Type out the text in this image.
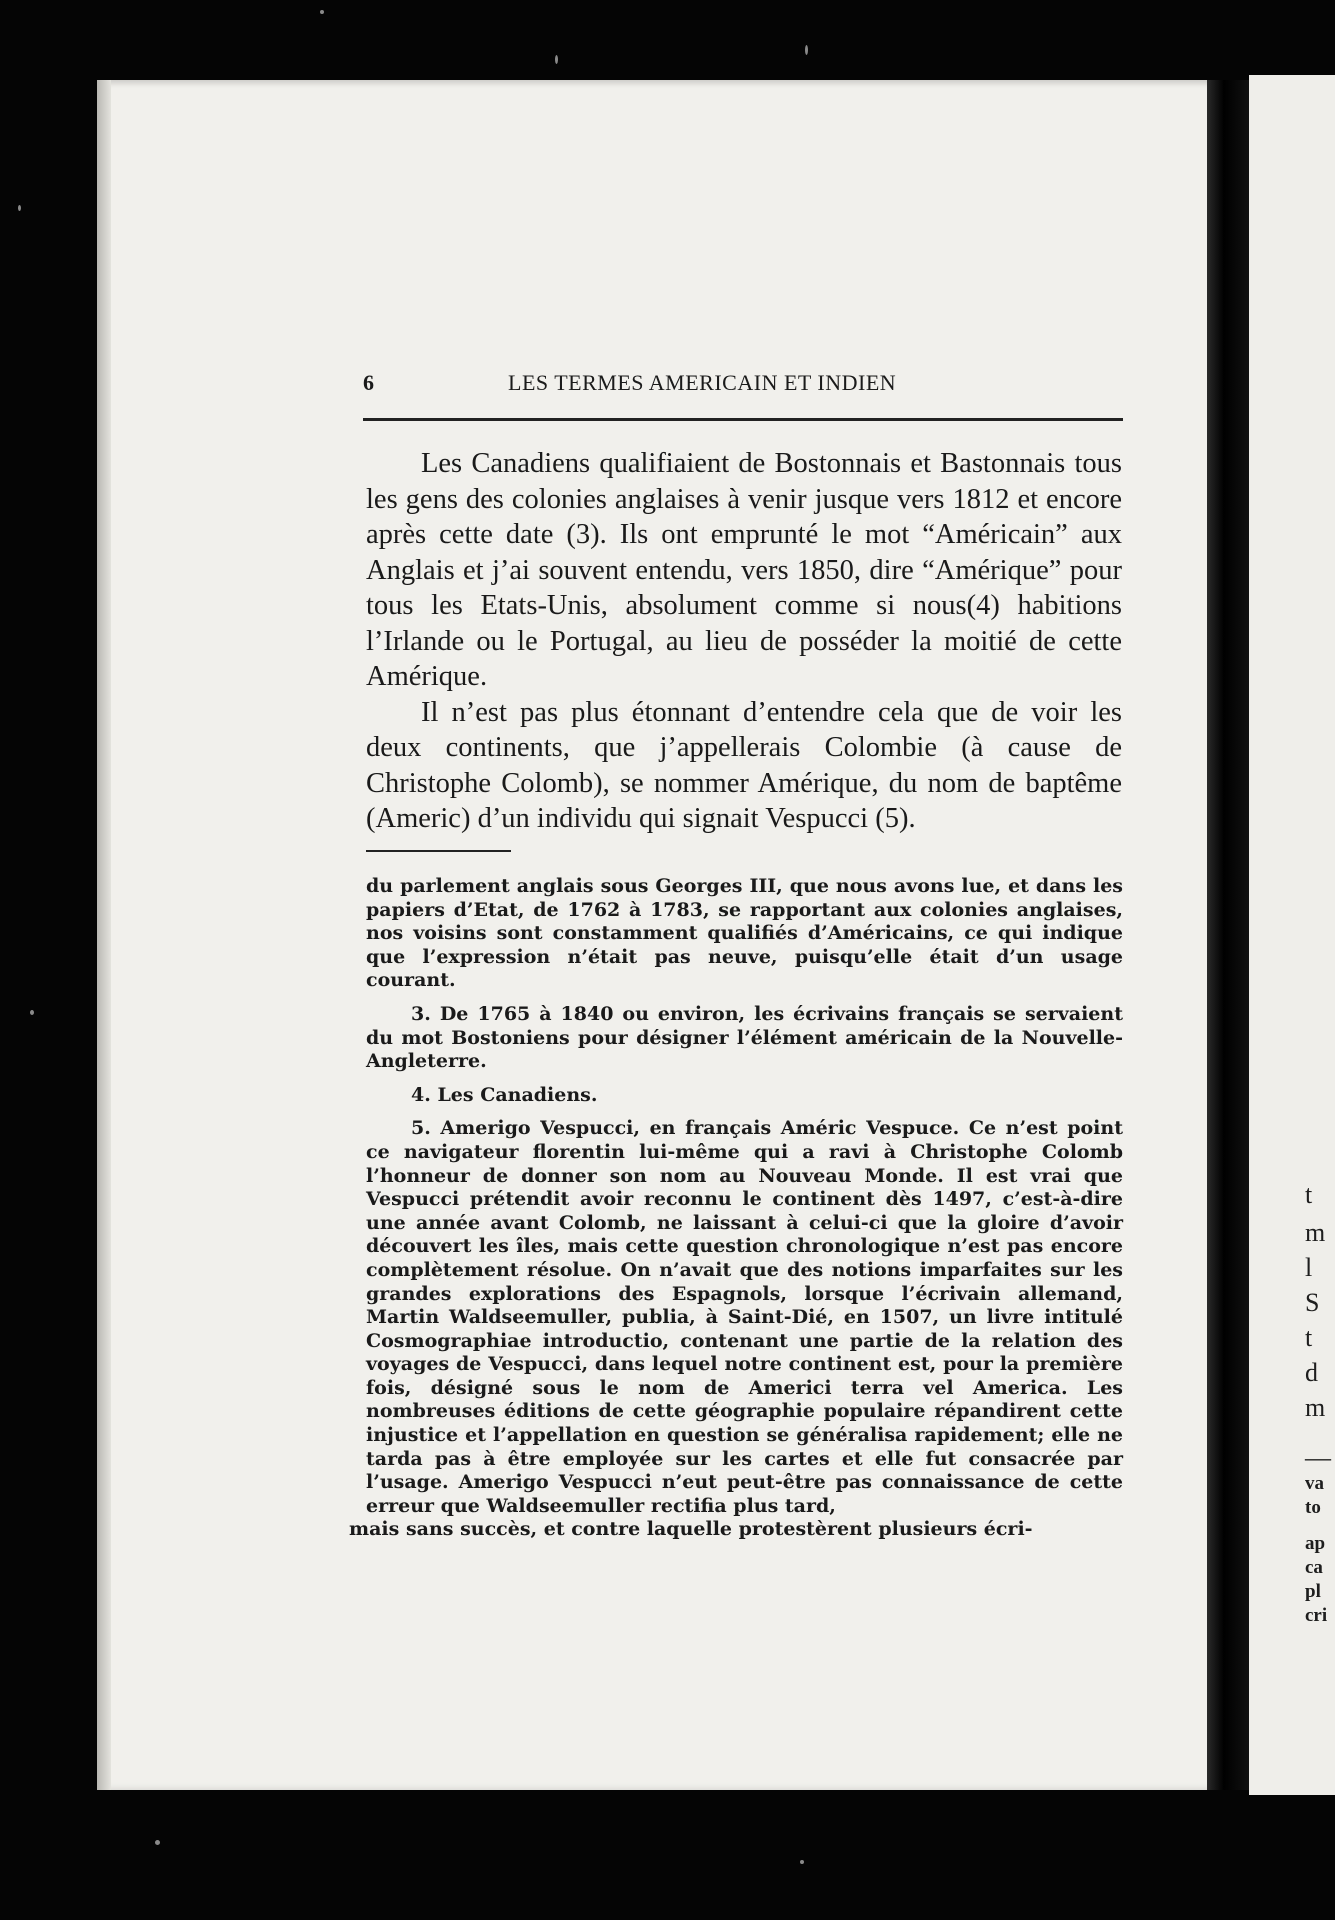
t
m
l
S
t
d
m
—
va
to
ap
ca
pl
cri
6	LES TERMES AMERICAIN ET INDIEN

Les Canadiens qualifiaient de Bostonnais et Bastonnais tous les gens des colonies anglaises à venir jusque vers 1812 et encore après cette date (3). Ils ont emprunté le mot “Américain” aux Anglais et j’ai souvent entendu, vers 1850, dire “Amérique” pour tous les Etats-Unis, absolument comme si nous(4) habitions l’Irlande ou le Portugal, au lieu de posséder la moitié de cette Amérique.

Il n’est pas plus étonnant d’entendre cela que de voir les deux continents, que j’appellerais Colombie (à cause de Christophe Colomb), se nommer Amérique, du nom de baptême (Americ) d’un individu qui signait Vespucci (5).

du parlement anglais sous Georges III, que nous avons lue, et dans les papiers d’Etat, de 1762 à 1783, se rapportant aux colonies anglaises, nos voisins sont constamment qualifiés d’Américains, ce qui indique que l’expression n’était pas neuve, puisqu’elle était d’un usage courant.

3. De 1765 à 1840 ou environ, les écrivains français se servaient du mot Bostoniens pour désigner l’élément américain de la Nouvelle-Angleterre.

4. Les Canadiens.

5. Amerigo Vespucci, en français Améric Vespuce. Ce n’est point ce navigateur florentin lui-même qui a ravi à Christophe Colomb l’honneur de donner son nom au Nouveau Monde. Il est vrai que Vespucci prétendit avoir reconnu le continent dès 1497, c’est-à-dire une année avant Colomb, ne laissant à celui-ci que la gloire d’avoir découvert les îles, mais cette question chronologique n’est pas encore complètement résolue. On n’avait que des notions imparfaites sur les grandes explorations des Espagnols, lorsque l’écrivain allemand, Martin Waldseemuller, publia, à Saint-Dié, en 1507, un livre intitulé Cosmographiae introductio, contenant une partie de la relation des voyages de Vespucci, dans lequel notre continent est, pour la première fois, désigné sous le nom de Americi terra vel America. Les nombreuses éditions de cette géographie populaire répandirent cette injustice et l’appellation en question se généralisa rapidement; elle ne tarda pas à être employée sur les cartes et elle fut consacrée par l’usage. Amerigo Vespucci n’eut peut-être pas connaissance de cette erreur que Waldseemuller rectifia plus tard,

mais sans succès, et contre laquelle protestèrent plusieurs écri-
